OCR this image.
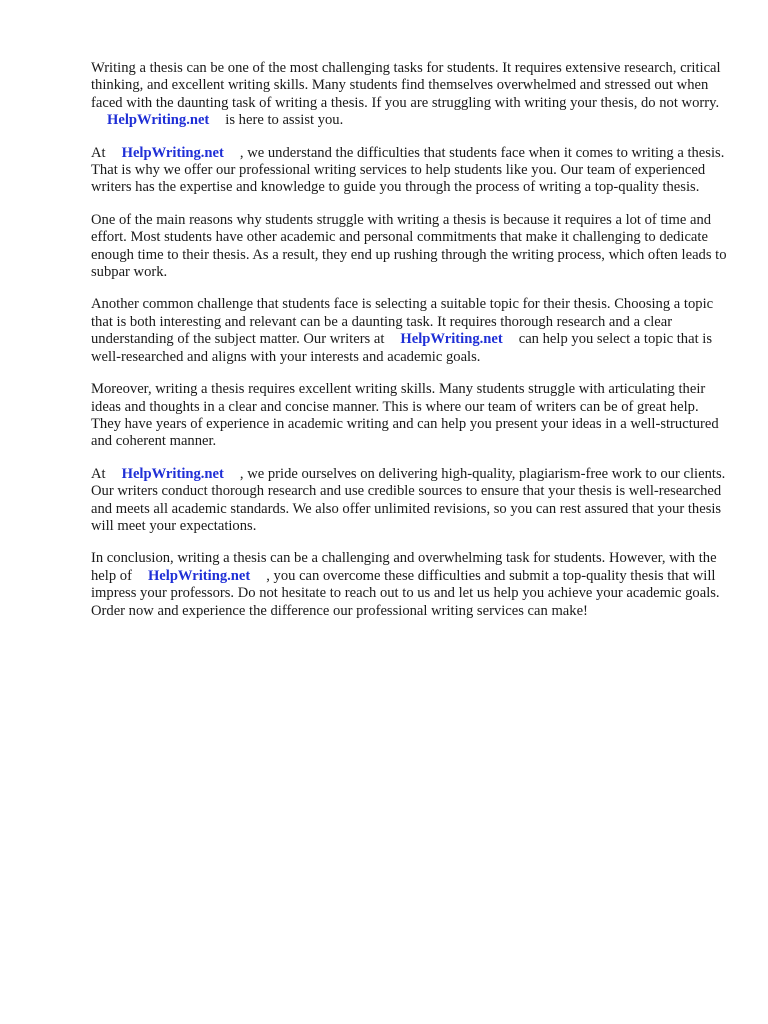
Writing a thesis can be one of the most challenging tasks for students. It requires extensive research, critical thinking, and excellent writing skills. Many students find themselves overwhelmed and stressed out when faced with the daunting task of writing a thesis. If you are struggling with writing your thesis, do not worry.HelpWriting.net is here to assist you.

At HelpWriting.net , we understand the difficulties that students face when it comes to writing a thesis. That is why we offer our professional writing services to help students like you. Our team of experienced writers has the expertise and knowledge to guide you through the process of writing a top-quality thesis.

One of the main reasons why students struggle with writing a thesis is because it requires a lot of time and effort. Most students have other academic and personal commitments that make it challenging to dedicate enough time to their thesis. As a result, they end up rushing through the writing process, which often leads to subpar work.

Another common challenge that students face is selecting a suitable topic for their thesis. Choosing a topic that is both interesting and relevant can be a daunting task. It requires thorough research and a clear understanding of the subject matter. Our writers at HelpWriting.net can help you select a topic that is well-researched and aligns with your interests and academic goals.

Moreover, writing a thesis requires excellent writing skills. Many students struggle with articulating their ideas and thoughts in a clear and concise manner. This is where our team of writers can be of great help. They have years of experience in academic writing and can help you present your ideas in a well-structured and coherent manner.

At HelpWriting.net , we pride ourselves on delivering high-quality, plagiarism-free work to our clients. Our writers conduct thorough research and use credible sources to ensure that your thesis is well-researched and meets all academic standards. We also offer unlimited revisions, so you can rest assured that your thesis will meet your expectations.

In conclusion, writing a thesis can be a challenging and overwhelming task for students. However, with the help of HelpWriting.net , you can overcome these difficulties and submit a top-quality thesis that will impress your professors. Do not hesitate to reach out to us and let us help you achieve your academic goals. Order now and experience the difference our professional writing services can make!
